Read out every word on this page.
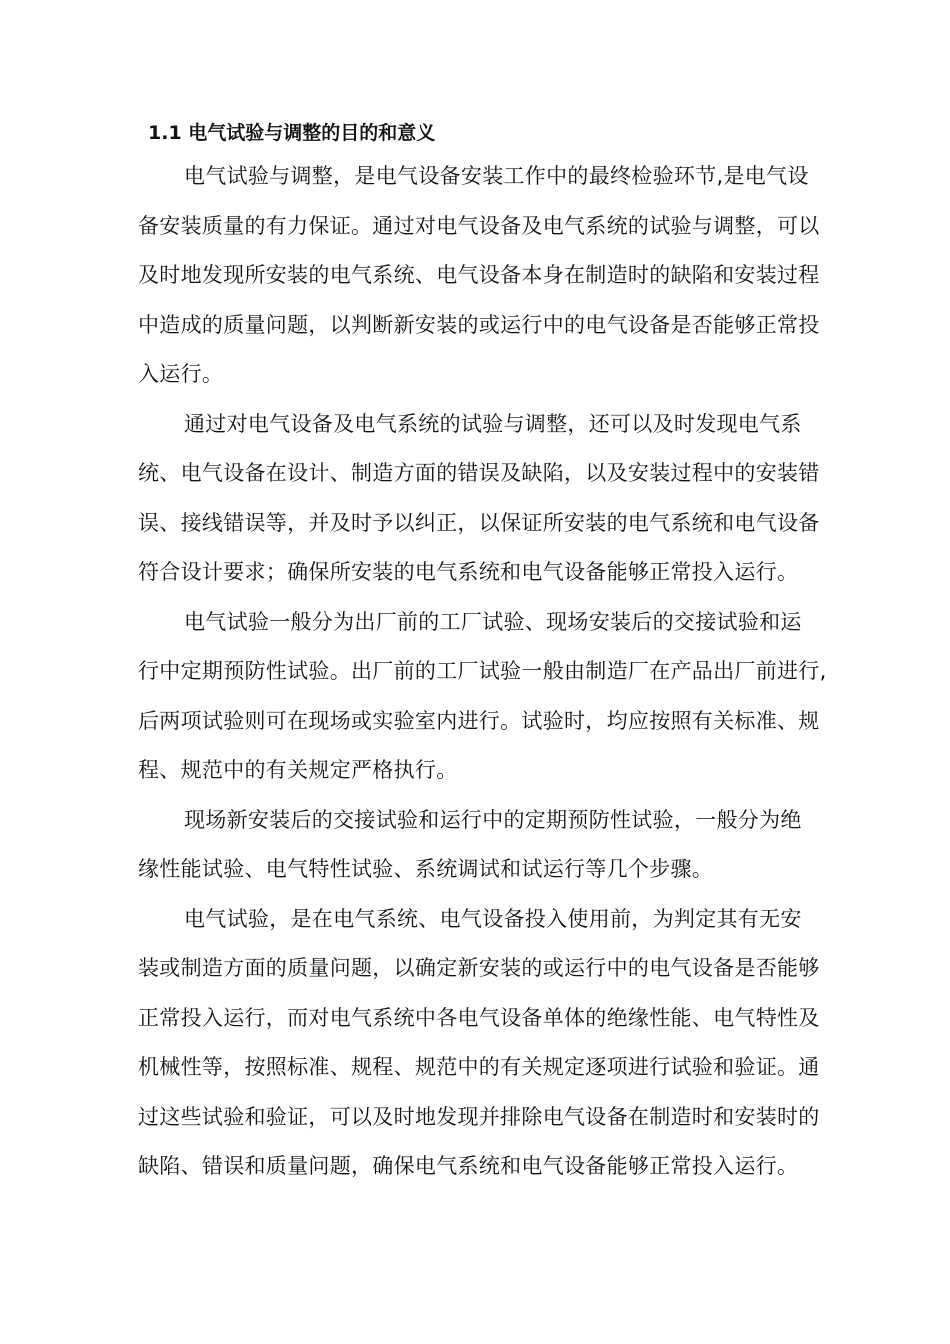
1.1 电气试验与调整的目的和意义
电气试验与调整，是电气设备安装工作中的最终检验环节,是电气设
备安装质量的有力保证。通过对电气设备及电气系统的试验与调整，可以
及时地发现所安装的电气系统、电气设备本身在制造时的缺陷和安装过程
中造成的质量问题，以判断新安装的或运行中的电气设备是否能够正常投
入运行。
通过对电气设备及电气系统的试验与调整，还可以及时发现电气系
统、电气设备在设计、制造方面的错误及缺陷，以及安装过程中的安装错
误、接线错误等，并及时予以纠正，以保证所安装的电气系统和电气设备
符合设计要求；确保所安装的电气系统和电气设备能够正常投入运行。
电气试验一般分为出厂前的工厂试验、现场安装后的交接试验和运
行中定期预防性试验。出厂前的工厂试验一般由制造厂在产品出厂前进行,
后两项试验则可在现场或实验室内进行。试验时，均应按照有关标准、规
程、规范中的有关规定严格执行。
现场新安装后的交接试验和运行中的定期预防性试验，一般分为绝
缘性能试验、电气特性试验、系统调试和试运行等几个步骤。
电气试验，是在电气系统、电气设备投入使用前，为判定其有无安
装或制造方面的质量问题，以确定新安装的或运行中的电气设备是否能够
正常投入运行，而对电气系统中各电气设备单体的绝缘性能、电气特性及
机械性等，按照标准、规程、规范中的有关规定逐项进行试验和验证。通
过这些试验和验证，可以及时地发现并排除电气设备在制造时和安装时的
缺陷、错误和质量问题，确保电气系统和电气设备能够正常投入运行。
